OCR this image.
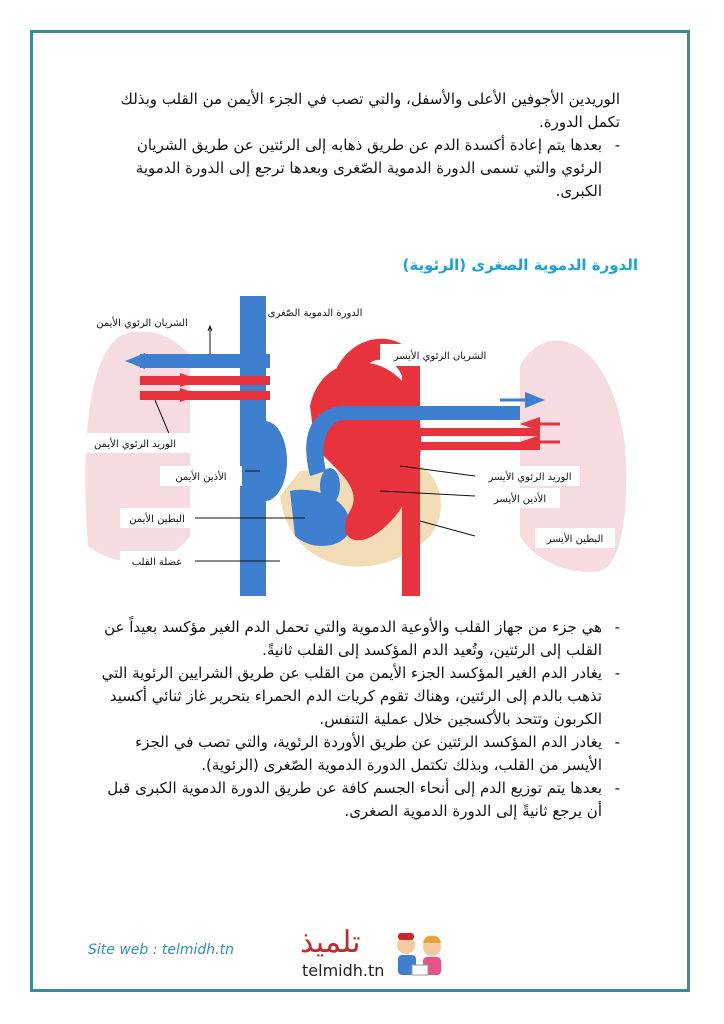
الوريدين الأجوفين الأعلى والأسفل، والتي تصب في الجزء الأيمن من القلب وبذلك تكمل الدورة.

- بعدها يتم إعادة أكسدة الدم عن طريق ذهابه إلى الرئتين عن طريق الشريان الرئوي والتي تسمى الدورة الدموية الصّغرى وبعدها ترجع إلى الدورة الدموية الكبرى.
الدورة الدموية الصغرى (الرئوية)
الدورة الدموية الصّغرى
الشريان الرئوي الأيمن
الشريان الرئوي الأيسر
الوريد الرئوي الأيمن
الأذين الأيمن
البطين الأيمن
عضلة القلب
الوريد الرئوي الأيسر
الأذين الأيسر
البطين الأيسر
- هي جزء من جهاز القلب والأوعية الدموية والتي تحمل الدم الغير مؤكسد بعيداً عن القلب إلى الرئتين، وتُعيد الدم المؤكسد إلى القلب ثانيةً.
- يغادر الدم الغير المؤكسد الجزء الأيمن من القلب عن طريق الشرايين الرئوية التي تذهب بالدم إلى الرئتين، وهناك تقوم كريات الدم الحمراء بتحرير غاز ثنائي أكسيد الكربون وتتحد بالأكسجين خلال عملية التنفس.
- يغادر الدم المؤكسد الرئتين عن طريق الأوردة الرئوية، والتي تصب في الجزء الأيسر من القلب، وبذلك تكتمل الدورة الدموية الصّغرى (الرئوية).
- بعدها يتم توزيع الدم إلى أنحاء الجسم كافة عن طريق الدورة الدموية الكبرى قبل أن يرجع ثانيةً إلى الدورة الدموية الصغرى.
Site web : telmidh.tn تلميذ
telmidh.tn
